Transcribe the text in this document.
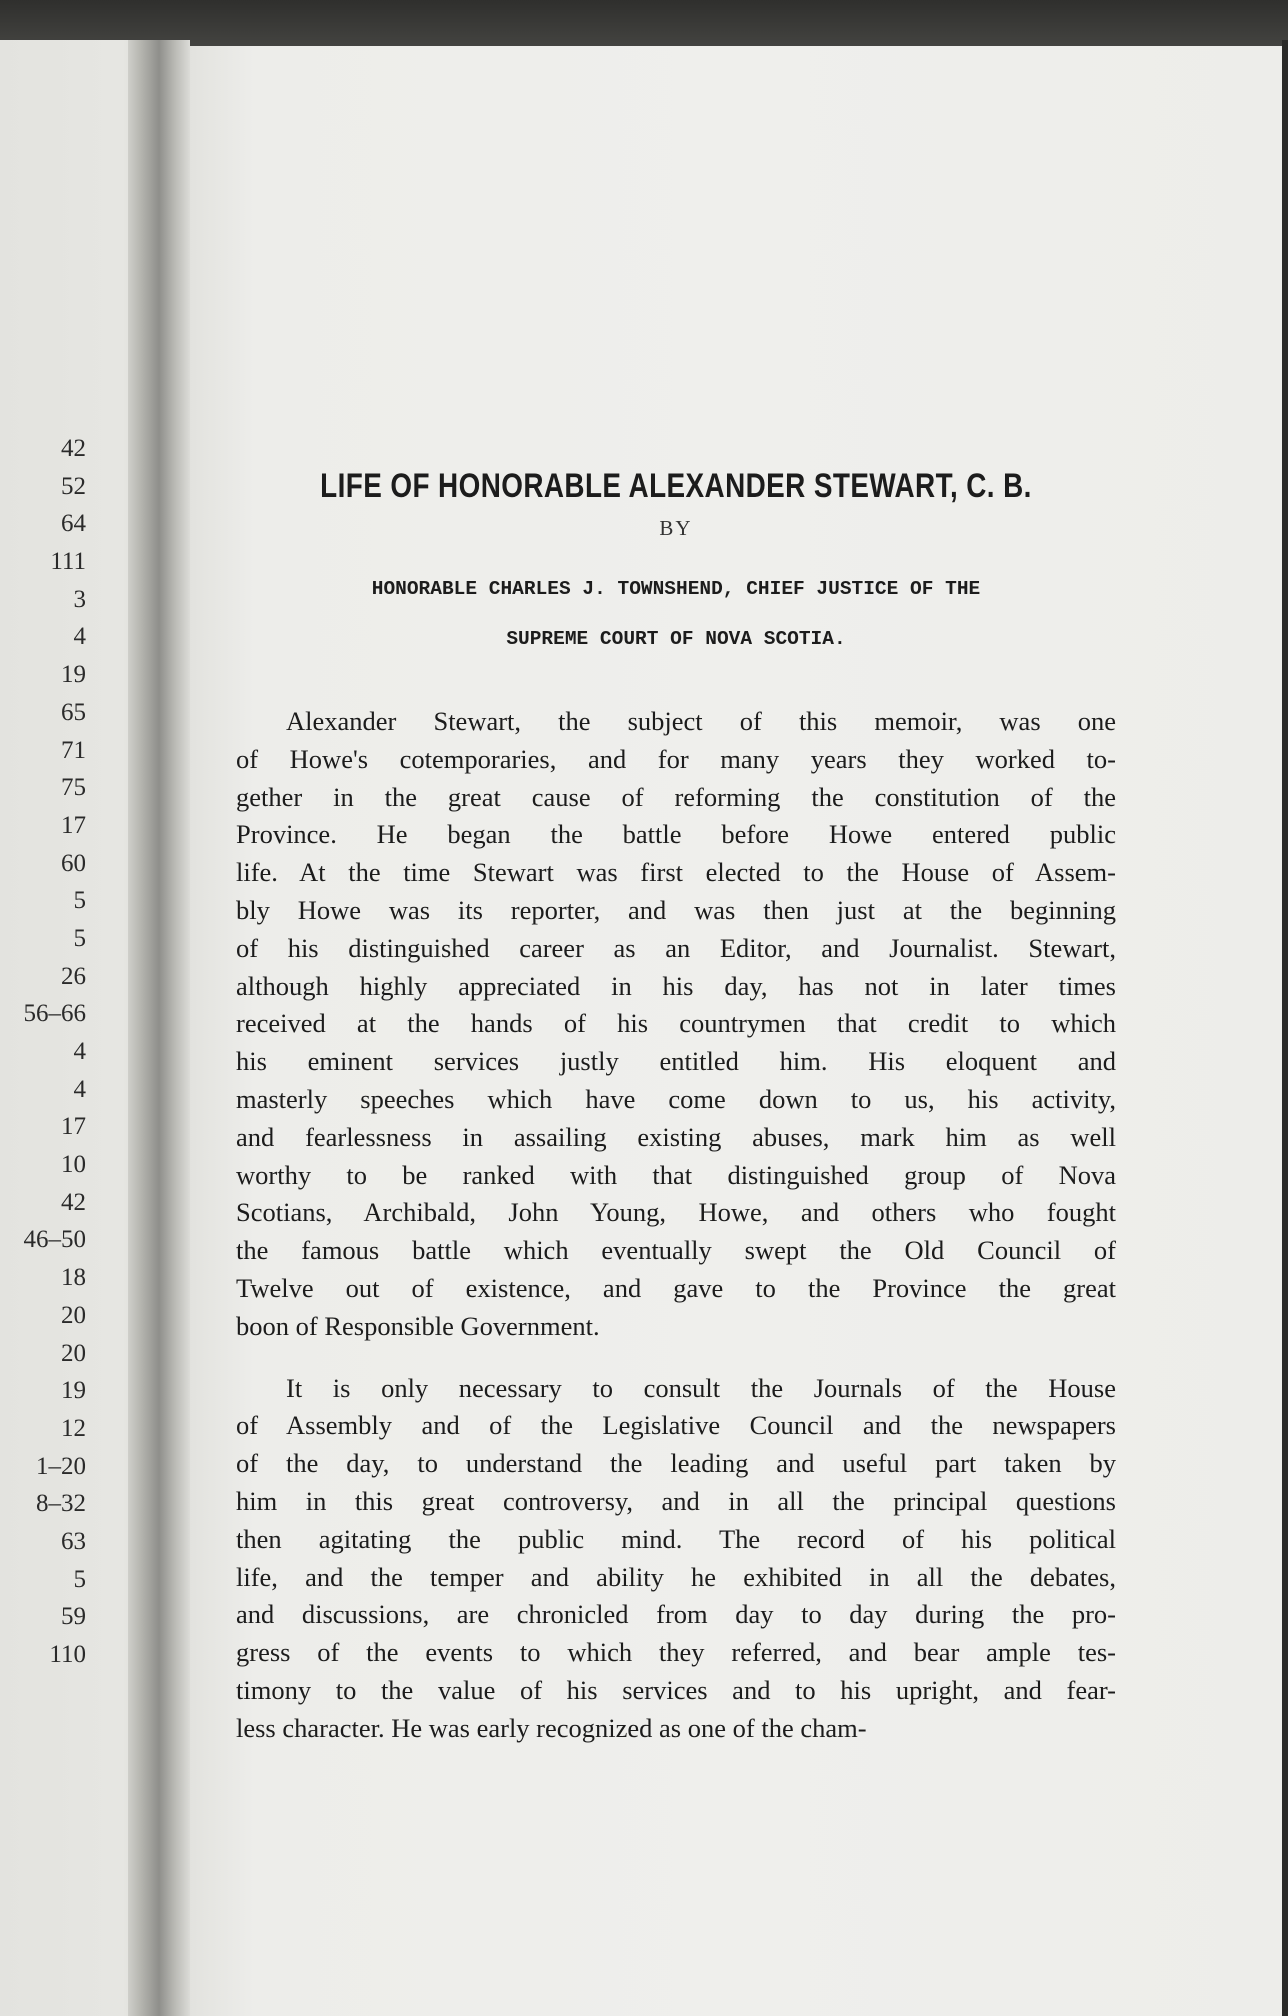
42
52
64
111
3
4
19
65
71
75
17
60
5
5
26
56–66
4
4
17
10
42
46–50
18
20
20
19
12
1–20
8–32
63
5
59
110
LIFE OF HONORABLE ALEXANDER STEWART, C. B.
BY

HONORABLE CHARLES J. TOWNSHEND, CHIEF JUSTICE OF THE

SUPREME COURT OF NOVA SCOTIA.

Alexander Stewart, the subject of this memoir, was one
of Howe's cotemporaries, and for many years they worked to-
gether in the great cause of reforming the constitution of the
Province. He began the battle before Howe entered public
life. At the time Stewart was first elected to the House of Assem-
bly Howe was its reporter, and was then just at the beginning
of his distinguished career as an Editor, and Journalist. Stewart,
although highly appreciated in his day, has not in later times
received at the hands of his countrymen that credit to which
his eminent services justly entitled him. His eloquent and
masterly speeches which have come down to us, his activity,
and fearlessness in assailing existing abuses, mark him as well
worthy to be ranked with that distinguished group of Nova
Scotians, Archibald, John Young, Howe, and others who fought
the famous battle which eventually swept the Old Council of
Twelve out of existence, and gave to the Province the great
boon of Responsible Government.
It is only necessary to consult the Journals of the House
of Assembly and of the Legislative Council and the newspapers
of the day, to understand the leading and useful part taken by
him in this great controversy, and in all the principal questions
then agitating the public mind. The record of his political
life, and the temper and ability he exhibited in all the debates,
and discussions, are chronicled from day to day during the pro-
gress of the events to which they referred, and bear ample tes-
timony to the value of his services and to his upright, and fear-
less character. He was early recognized as one of the cham-
